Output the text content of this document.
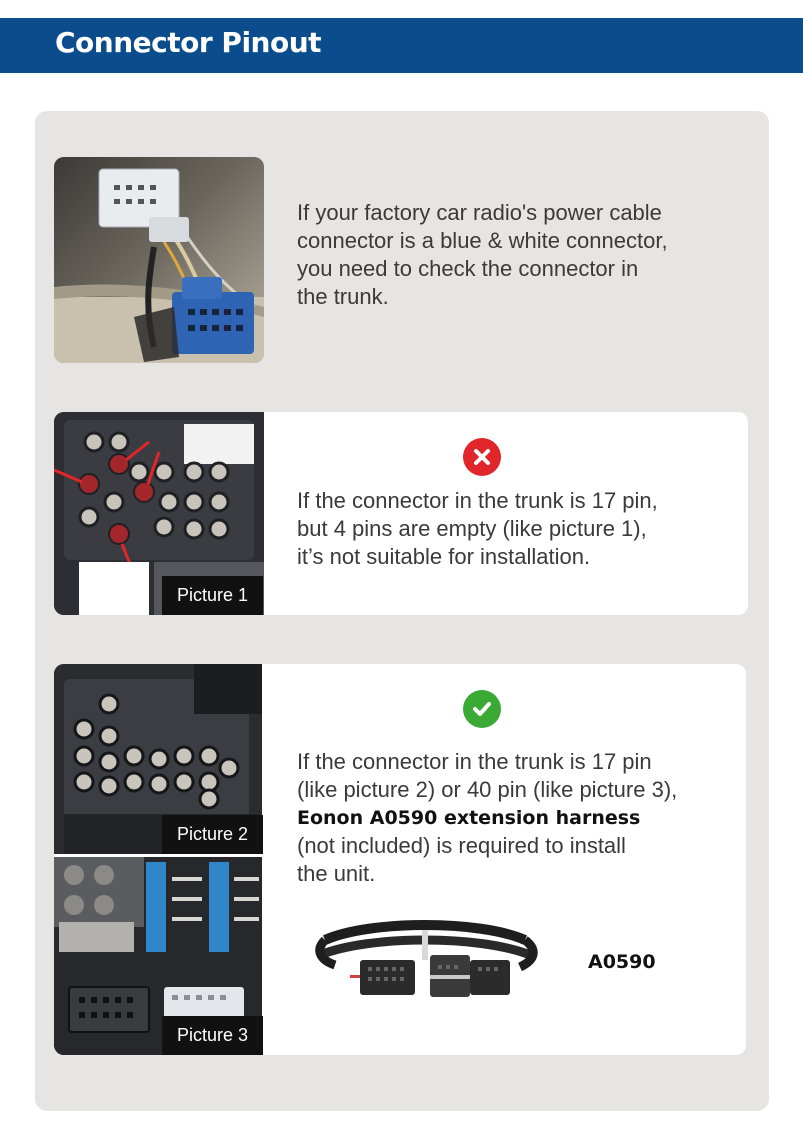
Connector Pinout
If your factory car radio's power cable
connector is a blue & white connector,
you need to check the connector in
the trunk.
Picture 1
If the connector in the trunk is 17 pin,
but 4 pins are empty (like picture 1),
it’s not suitable for installation.
Picture 2
Picture 3
If the connector in the trunk is 17 pin
(like picture 2) or 40 pin (like picture 3),
Eonon A0590 extension harness
(not included) is required to install
the unit.
A0590
